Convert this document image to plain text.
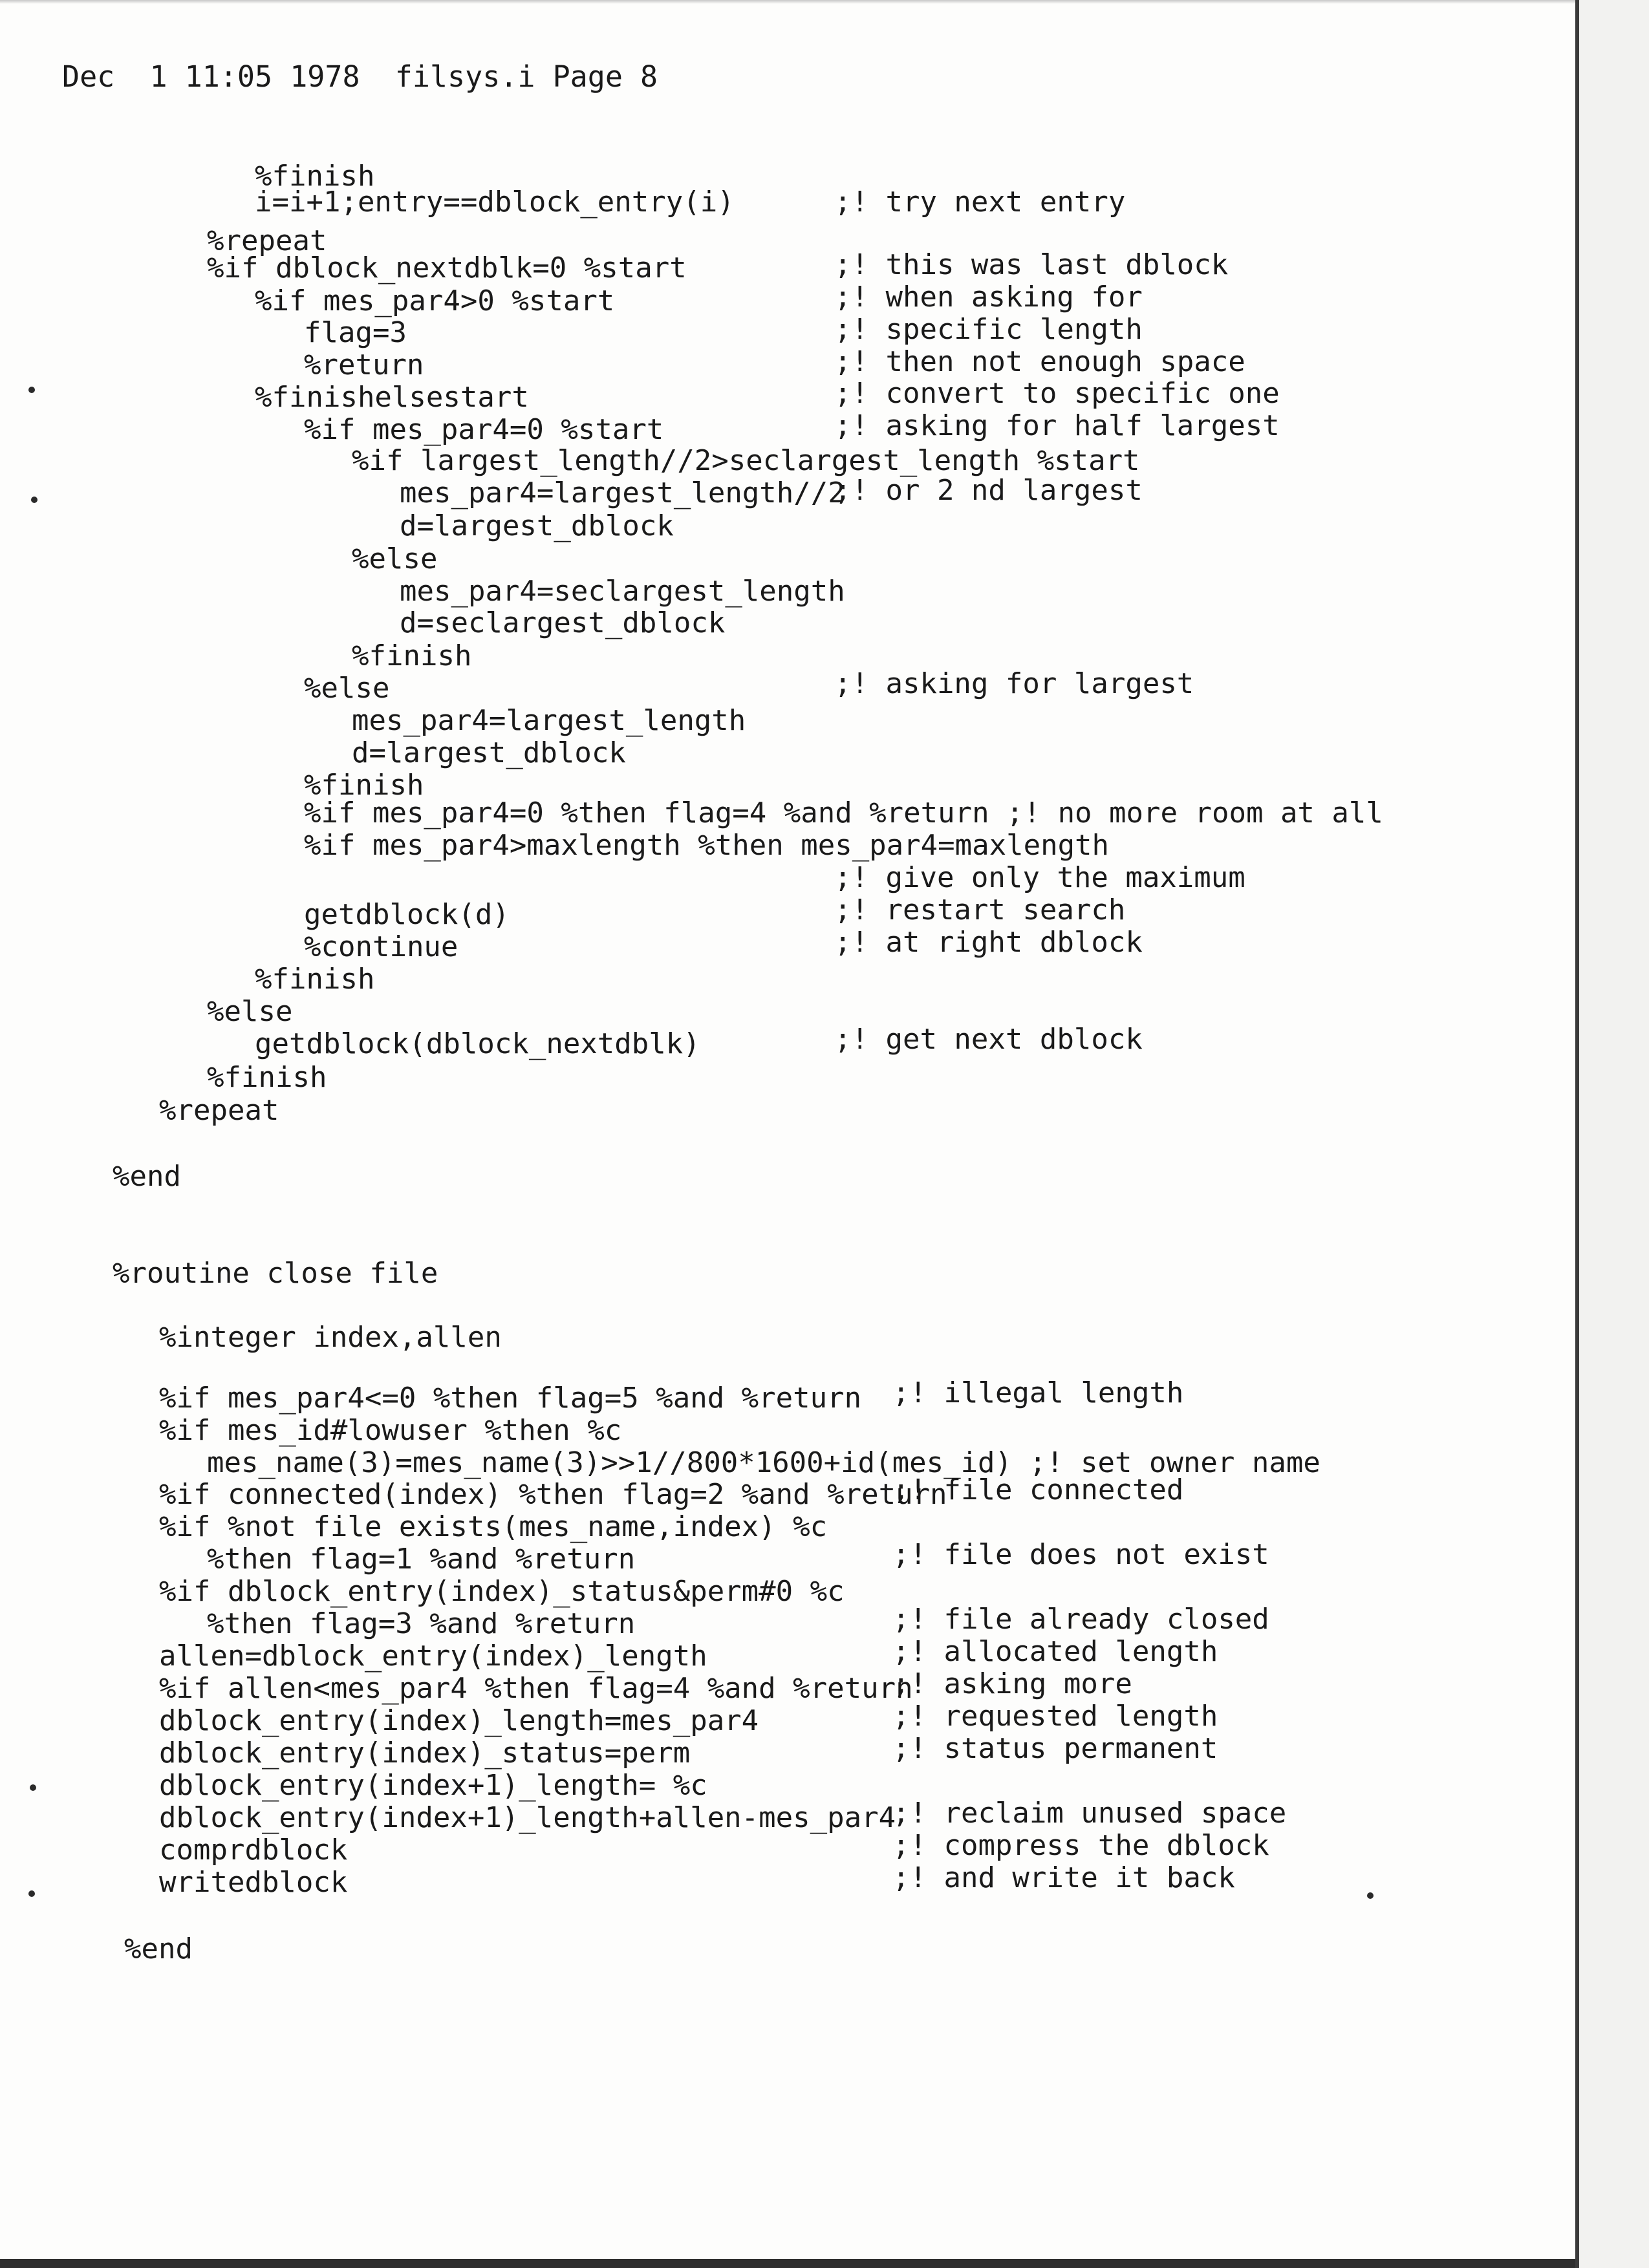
Dec  1 11:05 1978  filsys.i Page 8
%finish
i=i+1;entry==dblock_entry(i)	;! try next entry
%repeat
%if dblock_nextdblk=0 %start	;! this was last dblock
%if mes_par4>0 %start	;! when asking for
flag=3	;! specific length
%return	;! then not enough space
%finishelsestart	;! convert to specific one
%if mes_par4=0 %start	;! asking for half largest
%if largest_length//2>seclargest_length %start
mes_par4=largest_length//2
;! or 2 nd largest
d=largest_dblock
%else
mes_par4=seclargest_length
d=seclargest_dblock
%finish
%else	;! asking for largest
mes_par4=largest_length
d=largest_dblock
%finish
%if mes_par4=0 %then flag=4 %and %return ;! no more room at all
%if mes_par4>maxlength %then mes_par4=maxlength
;! give only the maximum
getdblock(d)	;! restart search
%continue	;! at right dblock
%finish
%else
getdblock(dblock_nextdblk)	;! get next dblock
%finish
%repeat
%end
%routine close file
%integer index,allen
%if mes_par4<=0 %then flag=5 %and %return ;! illegal length
%if mes_id#lowuser %then %c
mes_name(3)=mes_name(3)>>1//800*1600+id(mes_id) ;! set owner name
%if connected(index) %then flag=2 %and %return
;! file connected
%if %not file exists(mes_name,index) %c
%then flag=1 %and %return	;! file does not exist
%if dblock_entry(index)_status&perm#0 %c
%then flag=3 %and %return	;! file already closed
allen=dblock_entry(index)_length	;! allocated length
%if allen<mes_par4 %then flag=4 %and %return
;! asking more
dblock_entry(index)_length=mes_par4	;! requested length
dblock_entry(index)_status=perm	;! status permanent
dblock_entry(index+1)_length= %c
dblock_entry(index+1)_length+allen-mes_par4
;! reclaim unused space
comprdblock	;! compress the dblock
writedblock	;! and write it back
%end
